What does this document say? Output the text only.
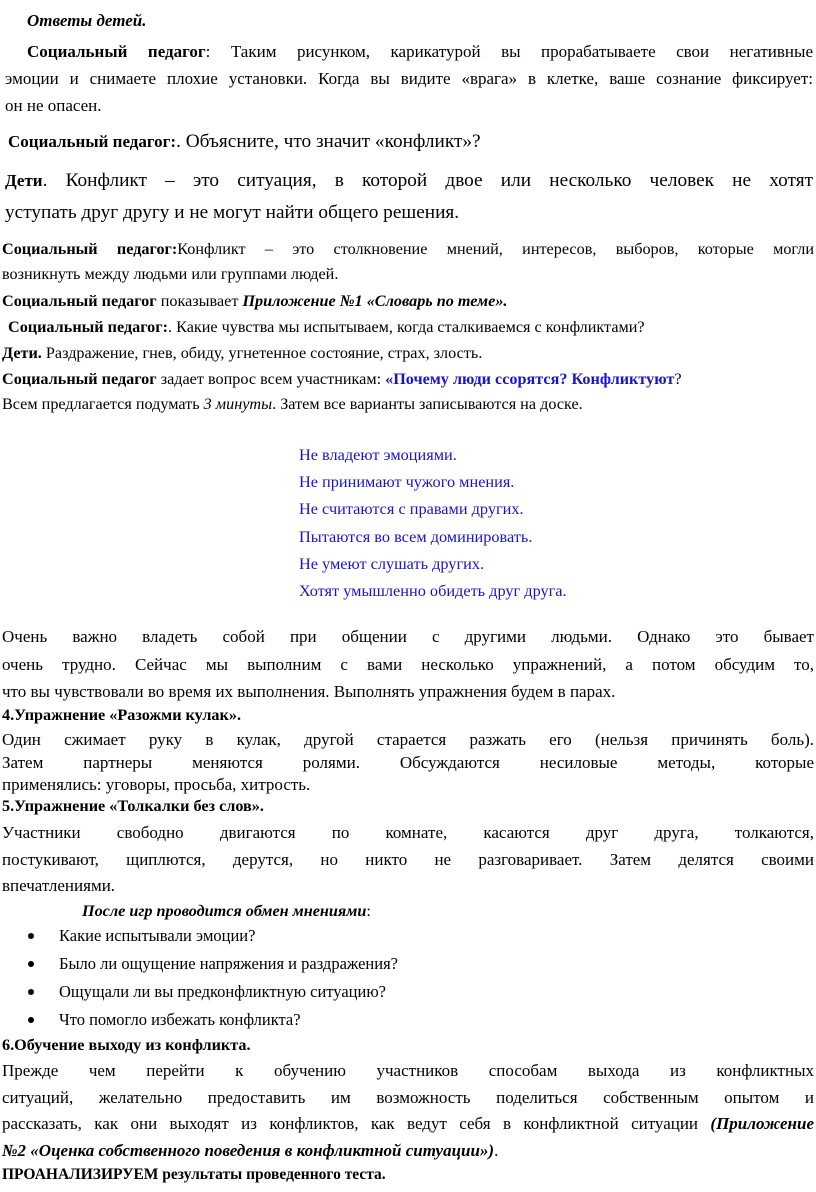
Ответы детей.
Социальный педагог: Таким рисунком, карикатурой вы прорабатываете свои негативные
эмоции и снимаете плохие установки. Когда вы видите «врага» в клетке, ваше сознание фиксирует:
он не опасен.
Социальный педагог:. Объясните, что значит «конфликт»?
Дети. Конфликт – это ситуация, в которой двое или несколько человек не хотят
уступать друг другу и не могут найти общего решения.
Социальный педагог:Конфликт – это столкновение мнений, интересов, выборов, которые могли
возникнуть между людьми или группами людей.
Социальный педагог показывает Приложение №1 «Словарь по теме».
Социальный педагог:. Какие чувства мы испытываем, когда сталкиваемся с конфликтами?
Дети. Раздражение, гнев, обиду, угнетенное состояние, страх, злость.
Социальный педагог задает вопрос всем участникам: «Почему люди ссорятся? Конфликтуют?
Всем предлагается подумать 3 минуты. Затем все варианты записываются на доске.
Не владеют эмоциями.
Не принимают чужого мнения.
Не считаются с правами других.
Пытаются во всем доминировать.
Не умеют слушать других.
Хотят умышленно обидеть друг друга.
Очень важно владеть собой при общении с другими людьми. Однако это бывает
очень трудно. Сейчас мы выполним с вами несколько упражнений, а потом обсудим то,
что вы чувствовали во время их выполнения. Выполнять упражнения будем в парах.
4.Упражнение «Разожми кулак».
Один сжимает руку в кулак, другой старается разжать его (нельзя причинять боль).
Затем партнеры меняются ролями. Обсуждаются несиловые методы, которые
применялись: уговоры, просьба, хитрость.
5.Упражнение «Толкалки без слов».
Участники свободно двигаются по комнате, касаются друг друга, толкаются,
постукивают, щиплются, дерутся, но никто не разговаривает. Затем делятся своими
впечатлениями.
После игр проводится обмен мнениями:
Какие испытывали эмоции?
Было ли ощущение напряжения и раздражения?
Ощущали ли вы предконфликтную ситуацию?
Что помогло избежать конфликта?
6.Обучение выходу из конфликта.
Прежде чем перейти к обучению участников способам выхода из конфликтных
ситуаций, желательно предоставить им возможность поделиться собственным опытом и
рассказать, как они выходят из конфликтов, как ведут себя в конфликтной ситуации (Приложение
№2 «Оценка собственного поведения в конфликтной ситуации»).
ПРОАНАЛИЗИРУЕМ результаты проведенного теста.
